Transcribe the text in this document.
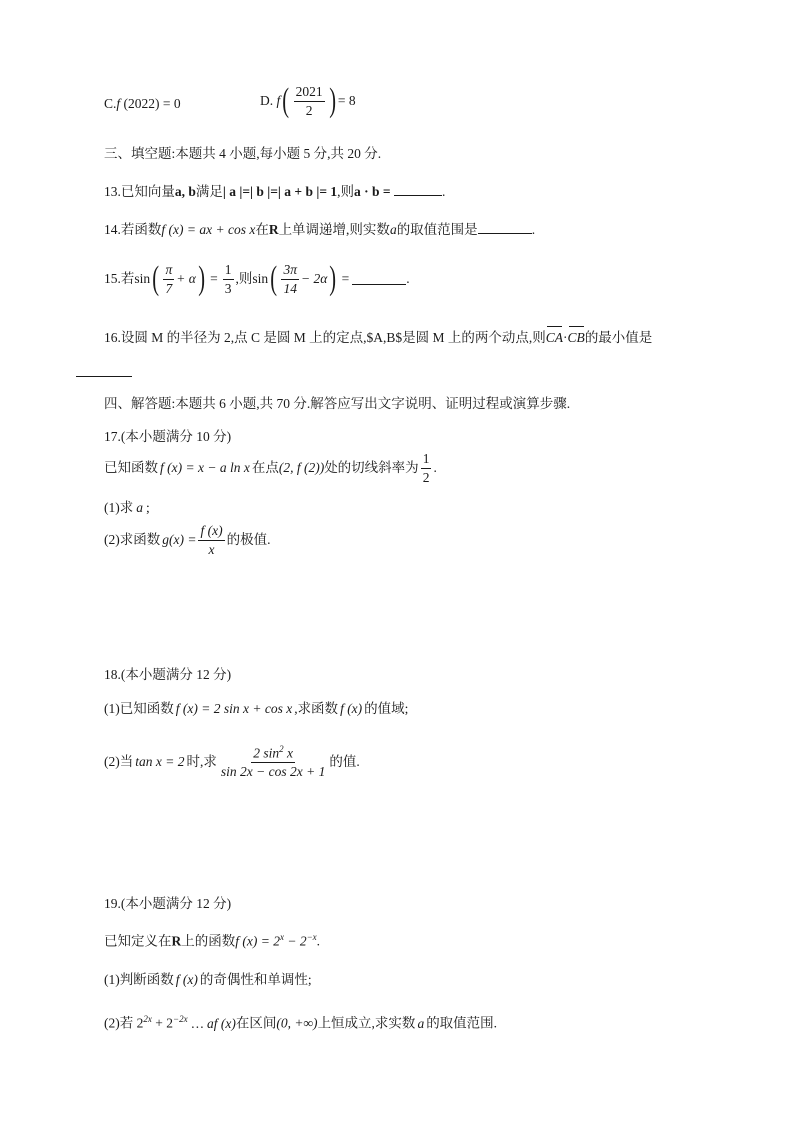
C.f (2022) = 0	D. f ( $\frac{2021}{2}$ ) = 8
三、填空题:本题共 4 小题,每小题 5 分,共 20 分.
13.已知向量a, b满足| a |=| b |=| a + b |= 1,则a · b =	.
14.若函数f (x) = ax + cos x在R上单调递增,则实数a的取值范围是	.
15.若 sin ( $\frac{\pi}{7} + \alpha$ ) = $\frac{1}{3}$ ,则 sin ( $\frac{3\pi}{14} - 2\alpha$ ) =	.
16.设圆 M 的半径为 2,点 C 是圆 M 上的定点,$A,B$是圆 M 上的两个动点,则CA·CB的最小值是
四、解答题:本题共 6 小题,共 70 分.解答应写出文字说明、证明过程或演算步骤.
17.(本小题满分 10 分)
已知函数 f (x) = x − a ln x 在点 (2, f (2)) 处的切线斜率为 $\frac{1}{2}$ .
(1)求 a ;
(2)求函数 $g(x) = \frac{f (x)}{x}$ 的极值.
18.(本小题满分 12 分)
(1)已知函数 f (x) = 2 sin x + cos x ,求函数 f (x) 的值域;
(2)当 tan x = 2 时,求 $\frac{2 \sin^2 x}{\sin 2x - \cos 2x + 1}$ 的值.
19.(本小题满分 12 分)
已知定义在R上的函数f $(x) = 2^x - 2^{-x}$.
(1)判断函数 f (x) 的奇偶性和单调性;
(2)若 $2^{2x} + 2^{-2x}$ … af (x)在区间(0, +∞)上恒成立,求实数 a 的取值范围.
